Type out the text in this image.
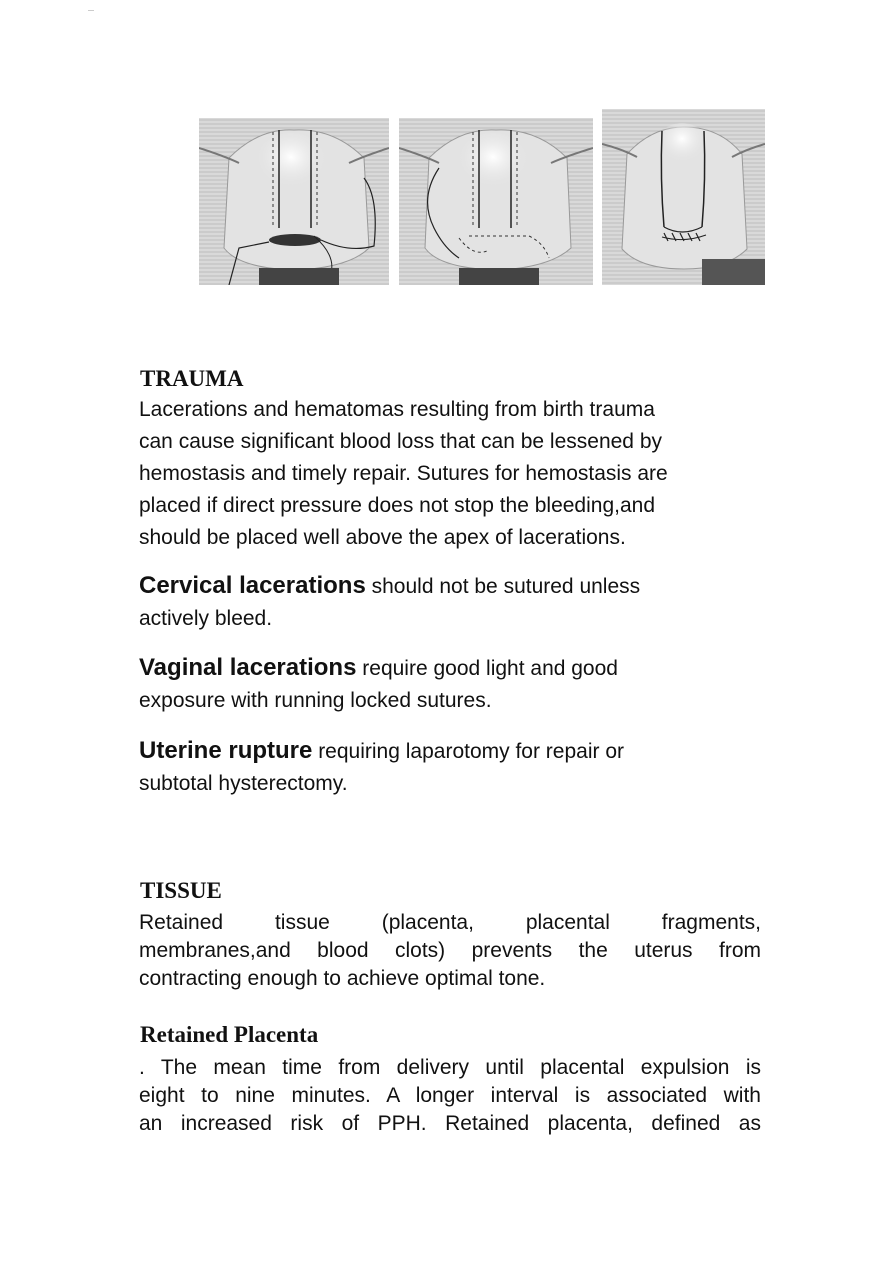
TRAUMA

Lacerations and hematomas resulting from birth trauma
can cause significant blood loss that can be lessened by
hemostasis and timely repair. Sutures for hemostasis are
placed if direct pressure does not stop the bleeding,and
should be placed well above the apex of lacerations.

Cervical lacerations should not be sutured unless
actively bleed.

Vaginal lacerations require good light and good
exposure with running locked sutures.

Uterine rupture requiring laparotomy for repair or
subtotal hysterectomy.

TISSUE

Retained tissue (placenta, placental fragments,
membranes,and blood clots) prevents the uterus from
contracting enough to achieve optimal tone.

Retained Placenta

. The mean time from delivery until placental expulsion is
eight to nine minutes. A longer interval is associated with
an increased risk of PPH. Retained placenta, defined as
